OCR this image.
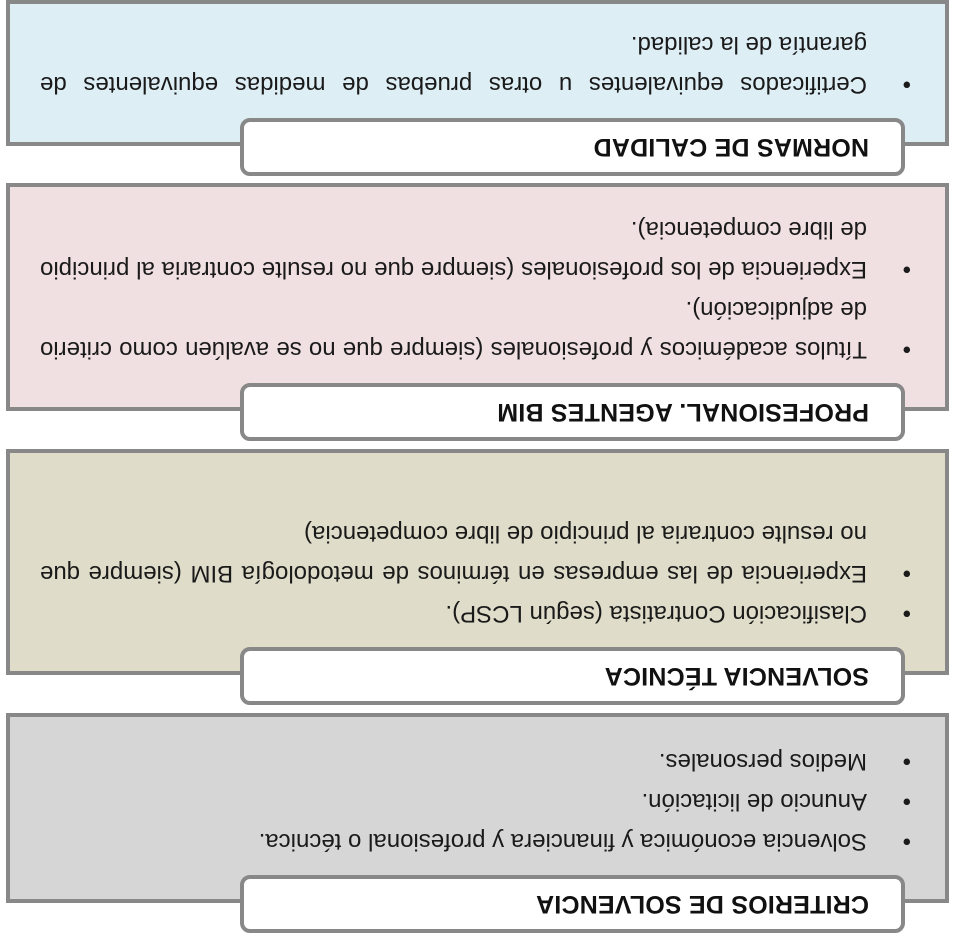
CRITERIOS DE SOLVENCIA
•
Solvencia económica y financiera y profesional o técnica.
•
Anuncio de licitación.
•
Medios personales.
SOLVENCIA TÉCNICA
•
Clasificación Contratista (según LCSP).
•
Experiencia de las empresas en términos de metodología BIM (siempre que no resulte contraria al principio de libre competencia)
PROFESIONAL. AGENTES BIM
•
Títulos académicos y profesionales (siempre que no se avalúen como criterio de adjudicación).
•
Experiencia de los profesionales (siempre que no resulte contraria al principio de libre competencia).
NORMAS DE CALIDAD
•
Certificados equivalentes u otras pruebas de medidas equivalentes de garantía de la calidad.
